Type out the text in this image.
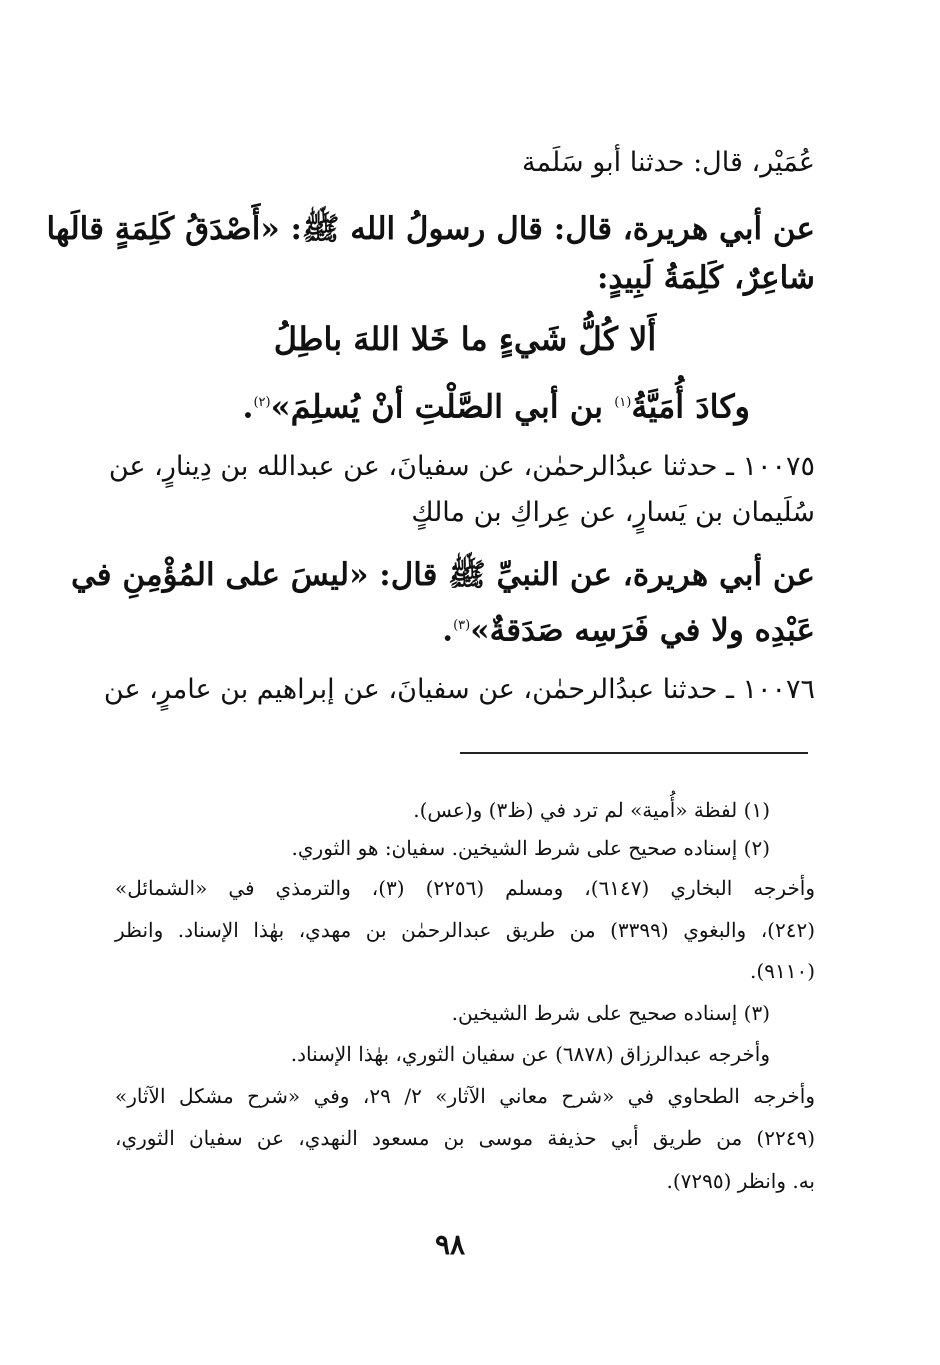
عُمَيْر، قال: حدثنا أبو سَلَمة
عن أبي هريرة، قال: قال رسولُ الله ﷺ: «أَصْدَقُ كَلِمَةٍ قالَها
شاعِرٌ، كَلِمَةُ لَبِيدٍ:
أَلا كُلُّ شَيءٍ ما خَلا اللهَ باطِلُ
وكادَ أُمَيَّةُ$^{(١)}$ بن أبي الصَّلْتِ أنْ يُسلِمَ»$^{(٢)}$.
١٠٠٧٥ ـ حدثنا عبدُالرحمٰن، عن سفيانَ، عن عبدالله بن دِينارٍ، عن
سُلَيمان بن يَسارٍ، عن عِراكِ بن مالكٍ
عن أبي هريرة، عن النبيِّ ﷺ قال: «ليسَ على المُؤْمِنِ في
عَبْدِه ولا في فَرَسِه صَدَقةٌ»$^{(٣)}$.
١٠٠٧٦ ـ حدثنا عبدُالرحمٰن، عن سفيانَ، عن إبراهيم بن عامرٍ، عن
(١) لفظة «أُمية» لم ترد في (ظ٣) و(عس).
(٢) إسناده صحيح على شرط الشيخين. سفيان: هو الثوري.
وأخرجه البخاري (٦١٤٧)، ومسلم (٢٢٥٦) (٣)، والترمذي في «الشمائل»
(٢٤٢)، والبغوي (٣٣٩٩) من طريق عبدالرحمٰن بن مهدي، بهٰذا الإسناد. وانظر
(٩١١٠).
(٣) إسناده صحيح على شرط الشيخين.
وأخرجه عبدالرزاق (٦٨٧٨) عن سفيان الثوري، بهٰذا الإسناد.
وأخرجه الطحاوي في «شرح معاني الآثار» ٢/ ٢٩، وفي «شرح مشكل الآثار»
(٢٢٤٩) من طريق أبي حذيفة موسى بن مسعود النهدي، عن سفيان الثوري،
به. وانظر (٧٢٩٥).
٩٨
